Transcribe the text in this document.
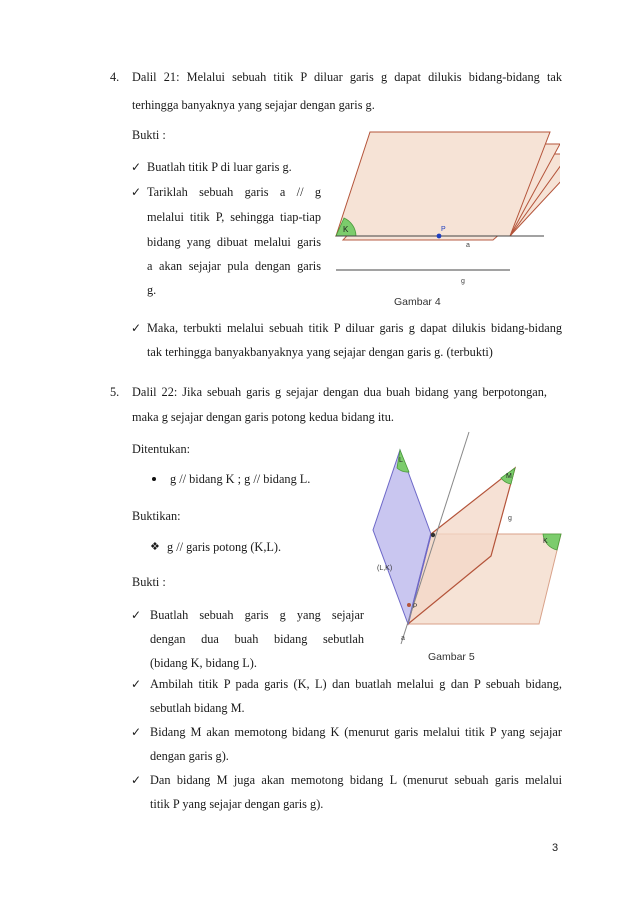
4. Dalil 21: Melalui sebuah titik P diluar garis g dapat dilukis bidang-bidang tak
terhingga banyaknya yang sejajar dengan garis g.
Bukti :
✓ Buatlah titik P di luar garis g.
✓ Tariklah sebuah garis a // g
melalui titik P, sehingga tiap-tiap
bidang yang dibuat melalui garis
a akan sejajar pula dengan garis
g.
K	P
a
g
Gambar 4
✓ Maka, terbukti melalui sebuah titik P diluar garis g dapat dilukis bidang-bidang
tak terhingga banyakbanyaknya yang sejajar dengan garis g. (terbukti)
5. Dalil 22: Jika sebuah garis g sejajar dengan dua buah bidang yang berpotongan,
maka g sejajar dengan garis potong kedua bidang itu.
Ditentukan:
g // bidang K ; g // bidang L.
Buktikan:
❖ g // garis potong (K,L).
Bukti :
✓ Buatlah sebuah garis g yang sejajar
dengan dua buah bidang sebutlah
(bidang K, bidang L).
K
L
M
(L,K)
g
a
P
Gambar 5
✓ Ambilah titik P pada garis (K, L) dan buatlah melalui g dan P sebuah bidang,
sebutlah bidang M.
✓ Bidang M akan memotong bidang K (menurut garis melalui titik P yang sejajar
dengan garis g).
✓ Dan bidang M juga akan memotong bidang L (menurut sebuah garis melalui
titik P yang sejajar dengan garis g).
3
